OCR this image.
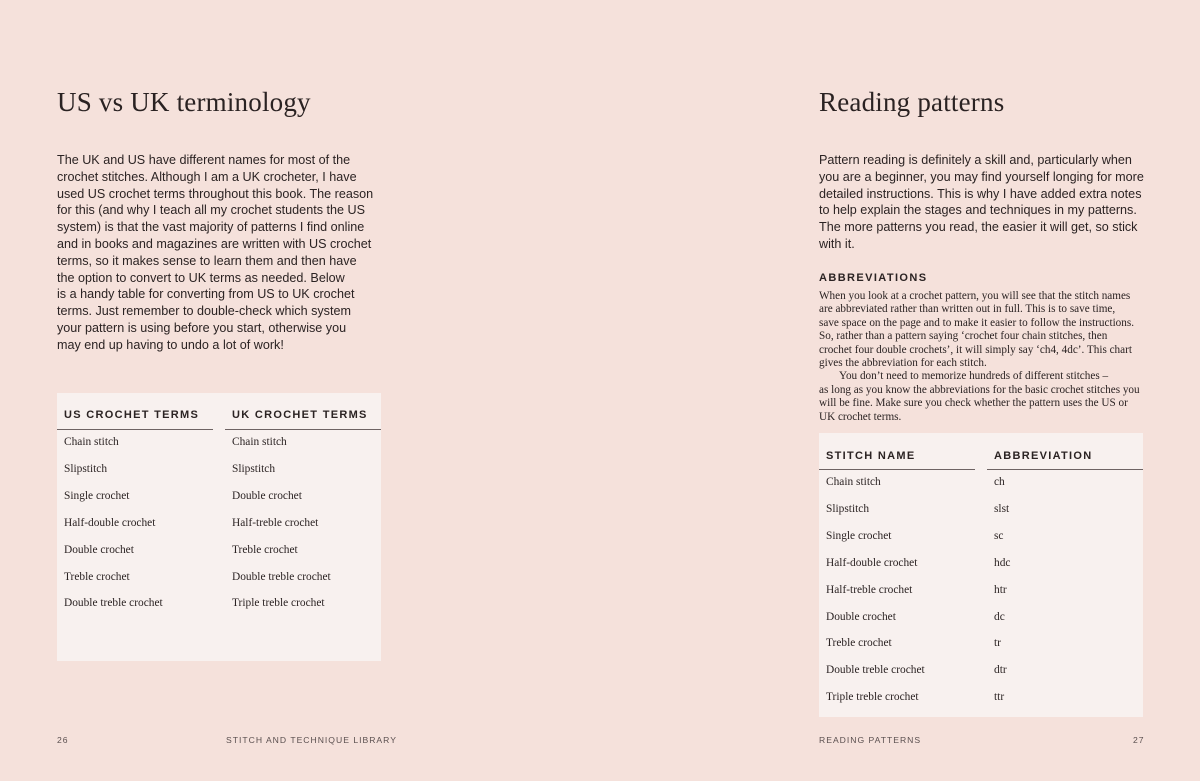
US vs UK terminology
The UK and US have different names for most of the
crochet stitches. Although I am a UK crocheter, I have
used US crochet terms throughout this book. The reason
for this (and why I teach all my crochet students the US
system) is that the vast majority of patterns I find online
and in books and magazines are written with US crochet
terms, so it makes sense to learn them and then have
the option to convert to UK terms as needed. Below
is a handy table for converting from US to UK crochet
terms. Just remember to double-check which system
your pattern is using before you start, otherwise you
may end up having to undo a lot of work!
US CROCHET TERMS	UK CROCHET TERMS
Chain stitch	Chain stitch
Slipstitch	Slipstitch
Single crochet	Double crochet
Half-double crochet	Half-treble crochet
Double crochet	Treble crochet
Treble crochet	Double treble crochet
Double treble crochet	Triple treble crochet
26	STITCH AND TECHNIQUE LIBRARY
Reading patterns
Pattern reading is definitely a skill and, particularly when
you are a beginner, you may find yourself longing for more
detailed instructions. This is why I have added extra notes
to help explain the stages and techniques in my patterns.
The more patterns you read, the easier it will get, so stick
with it.
ABBREVIATIONS
When you look at a crochet pattern, you will see that the stitch names
are abbreviated rather than written out in full. This is to save time,
save space on the page and to make it easier to follow the instructions.
So, rather than a pattern saying ‘crochet four chain stitches, then
crochet four double crochets’, it will simply say ‘ch4, 4dc’. This chart
gives the abbreviation for each stitch.
You don’t need to memorize hundreds of different stitches –
as long as you know the abbreviations for the basic crochet stitches you
will be fine. Make sure you check whether the pattern uses the US or
UK crochet terms.
STITCH NAME	ABBREVIATION
Chain stitch	ch
Slipstitch	slst
Single crochet	sc
Half-double crochet	hdc
Half-treble crochet	htr
Double crochet	dc
Treble crochet	tr
Double treble crochet	dtr
Triple treble crochet	ttr
READING PATTERNS	27
